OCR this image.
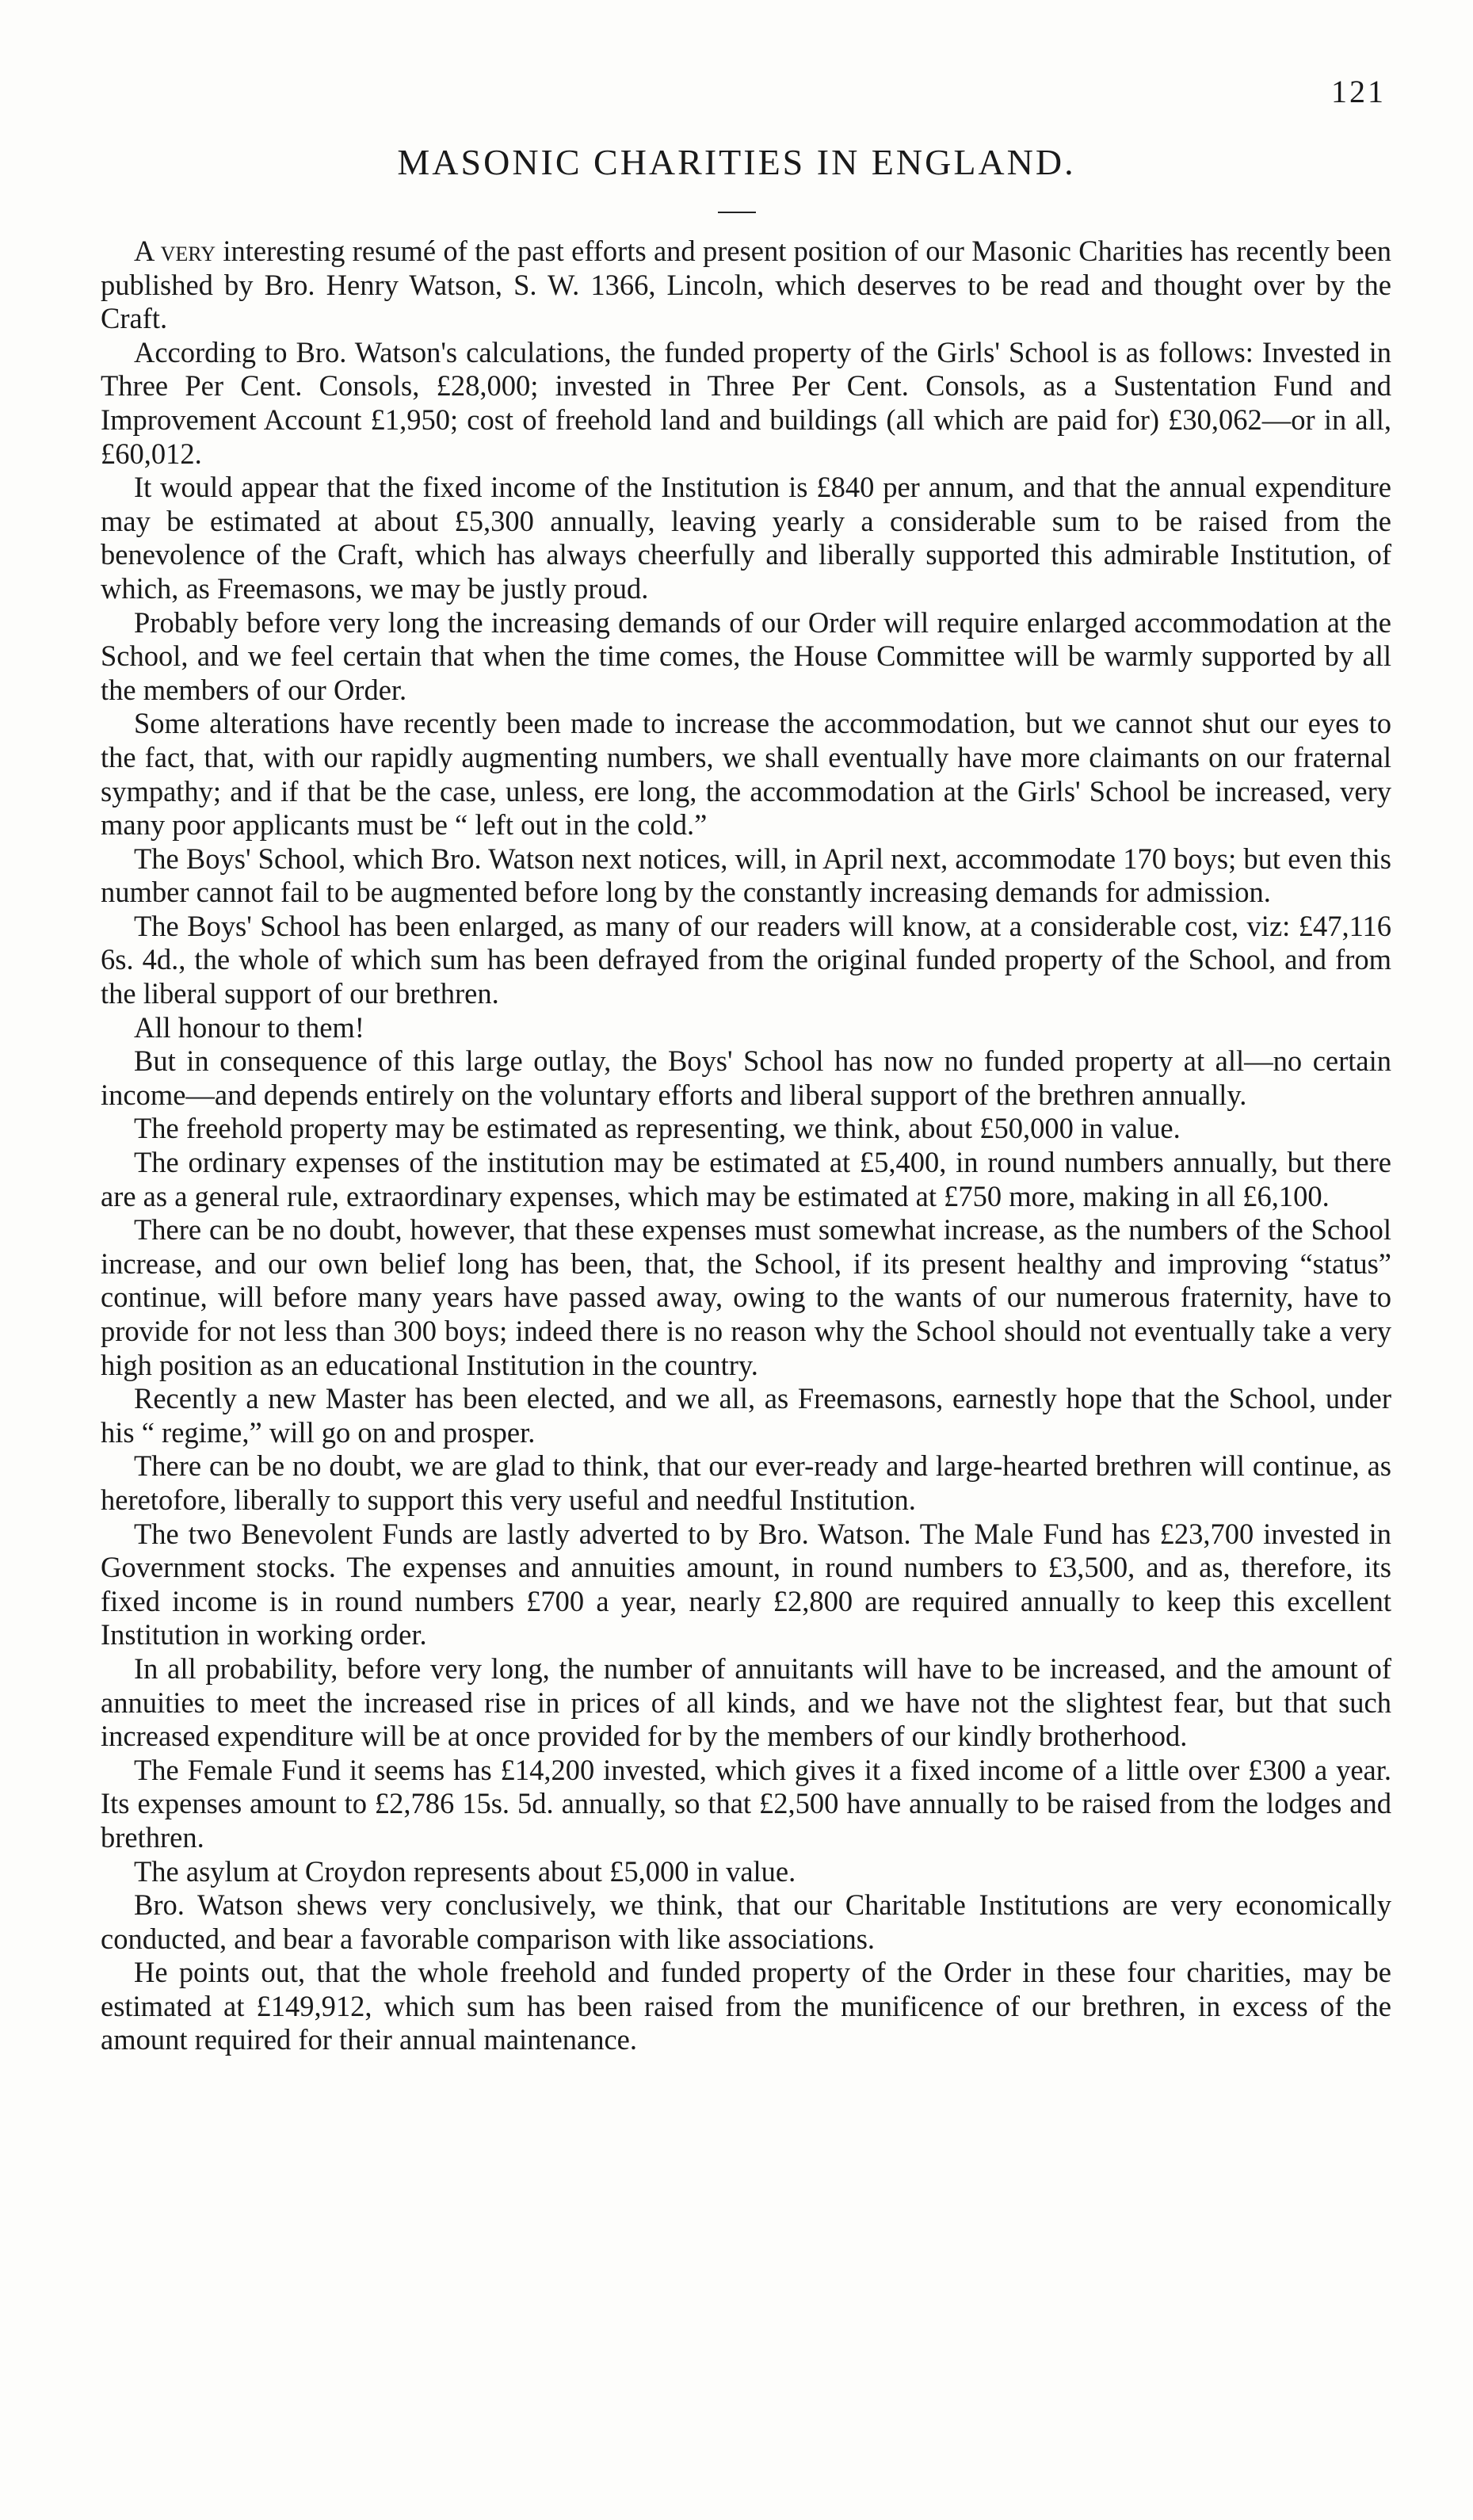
121
MASONIC CHARITIES IN ENGLAND.

A very interesting resumé of the past efforts and present position of our Masonic Charities has recently been published by Bro. Henry Watson, S. W. 1366, Lincoln, which deserves to be read and thought over by the Craft.

According to Bro. Watson's calculations, the funded property of the Girls' School is as follows: Invested in Three Per Cent. Consols, £28,000; invested in Three Per Cent. Consols, as a Sustentation Fund and Improvement Account £1,950; cost of freehold land and buildings (all which are paid for) £30,062—or in all, £60,012.

It would appear that the fixed income of the Institution is £840 per annum, and that the annual expenditure may be estimated at about £5,300 annually, leaving yearly a considerable sum to be raised from the benevolence of the Craft, which has always cheerfully and liberally supported this admirable Institution, of which, as Freemasons, we may be justly proud.

Probably before very long the increasing demands of our Order will require enlarged accommodation at the School, and we feel certain that when the time comes, the House Committee will be warmly supported by all the members of our Order.

Some alterations have recently been made to increase the accommodation, but we cannot shut our eyes to the fact, that, with our rapidly augmenting numbers, we shall eventually have more claimants on our fraternal sympathy; and if that be the case, unless, ere long, the accommodation at the Girls' School be increased, very many poor applicants must be “ left out in the cold.”

The Boys' School, which Bro. Watson next notices, will, in April next, accommodate 170 boys; but even this number cannot fail to be augmented before long by the constantly increasing demands for admission.

The Boys' School has been enlarged, as many of our readers will know, at a considerable cost, viz: £47,116 6s. 4d., the whole of which sum has been defrayed from the original funded property of the School, and from the liberal support of our brethren.

All honour to them!

But in consequence of this large outlay, the Boys' School has now no funded property at all—no certain income—and depends entirely on the voluntary efforts and liberal support of the brethren annually.

The freehold property may be estimated as representing, we think, about £50,000 in value.

The ordinary expenses of the institution may be estimated at £5,400, in round numbers annually, but there are as a general rule, extraordinary expenses, which may be estimated at £750 more, making in all £6,100.

There can be no doubt, however, that these expenses must somewhat increase, as the numbers of the School increase, and our own belief long has been, that, the School, if its present healthy and improving “status” continue, will before many years have passed away, owing to the wants of our numerous fraternity, have to provide for not less than 300 boys; indeed there is no reason why the School should not eventually take a very high position as an educational Institution in the country.

Recently a new Master has been elected, and we all, as Freemasons, earnestly hope that the School, under his “ regime,” will go on and prosper.

There can be no doubt, we are glad to think, that our ever-ready and large-hearted brethren will continue, as heretofore, liberally to support this very useful and needful Institution.

The two Benevolent Funds are lastly adverted to by Bro. Watson. The Male Fund has £23,700 invested in Government stocks. The expenses and annuities amount, in round numbers to £3,500, and as, therefore, its fixed income is in round numbers £700 a year, nearly £2,800 are required annually to keep this excellent Institution in working order.

In all probability, before very long, the number of annuitants will have to be increased, and the amount of annuities to meet the increased rise in prices of all kinds, and we have not the slightest fear, but that such increased expenditure will be at once provided for by the members of our kindly brotherhood.

The Female Fund it seems has £14,200 invested, which gives it a fixed income of a little over £300 a year. Its expenses amount to £2,786 15s. 5d. annually, so that £2,500 have annually to be raised from the lodges and brethren.

The asylum at Croydon represents about £5,000 in value.

Bro. Watson shews very conclusively, we think, that our Charitable Institutions are very economically conducted, and bear a favorable comparison with like associations.

He points out, that the whole freehold and funded property of the Order in these four charities, may be estimated at £149,912, which sum has been raised from the munificence of our brethren, in excess of the amount required for their annual maintenance.
